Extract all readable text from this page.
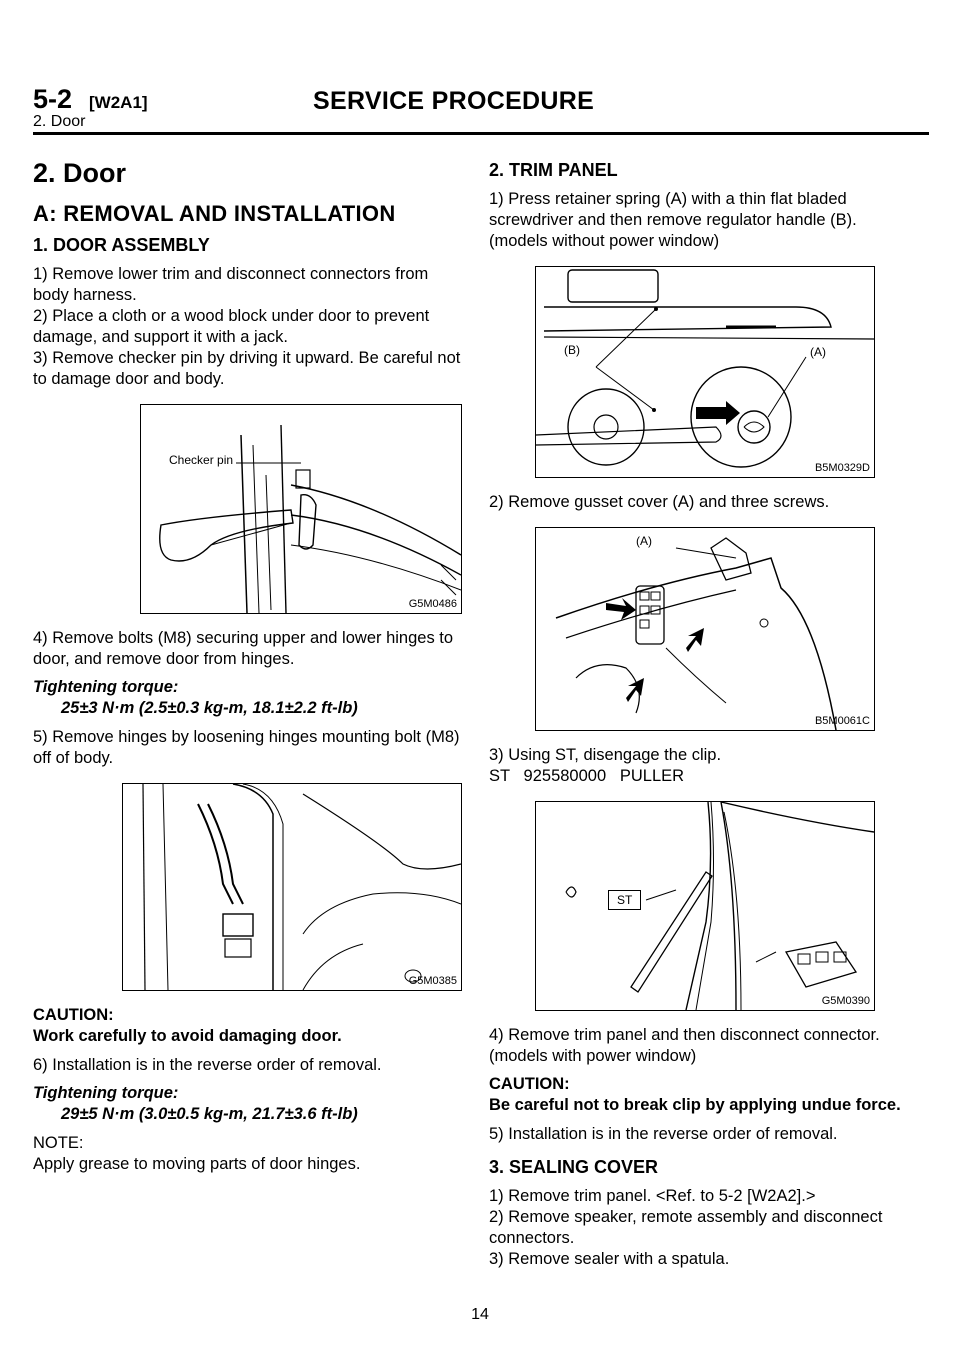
5-2 [W2A1]	SERVICE PROCEDURE
2. Door
2. Door
A: REMOVAL AND INSTALLATION
1. DOOR ASSEMBLY

1) Remove lower trim and disconnect connectors from body harness.

2) Place a cloth or a wood block under door to prevent damage, and support it with a jack.

3) Remove checker pin by driving it upward. Be careful not to damage door and body.

Checker pin
G5M0486

4) Remove bolts (M8) securing upper and lower hinges to door, and remove door from hinges.

Tightening torque:
25±3 N·m (2.5±0.3 kg-m, 18.1±2.2 ft-lb)

5) Remove hinges by loosening hinges mounting bolt (M8) off of body.

G5M0385
CAUTION:
Work carefully to avoid damaging door.

6) Installation is in the reverse order of removal.

Tightening torque:
29±5 N·m (3.0±0.5 kg-m, 21.7±3.6 ft-lb)
NOTE:
Apply grease to moving parts of door hinges.
2. TRIM PANEL

1) Press retainer spring (A) with a thin flat bladed screwdriver and then remove regulator handle (B). (models without power window)

(B)	(A)
B5M0329D

2) Remove gusset cover (A) and three screws.

(A)
B5M0061C

3) Using ST, disengage the clip.

ST   925580000   PULLER

ST
G5M0390

4) Remove trim panel and then disconnect connector. (models with power window)

CAUTION:
Be careful not to break clip by applying undue force.

5) Installation is in the reverse order of removal.

3. SEALING COVER

1) Remove trim panel. <Ref. to 5-2 [W2A2].>

2) Remove speaker, remote assembly and disconnect connectors.

3) Remove sealer with a spatula.

14
